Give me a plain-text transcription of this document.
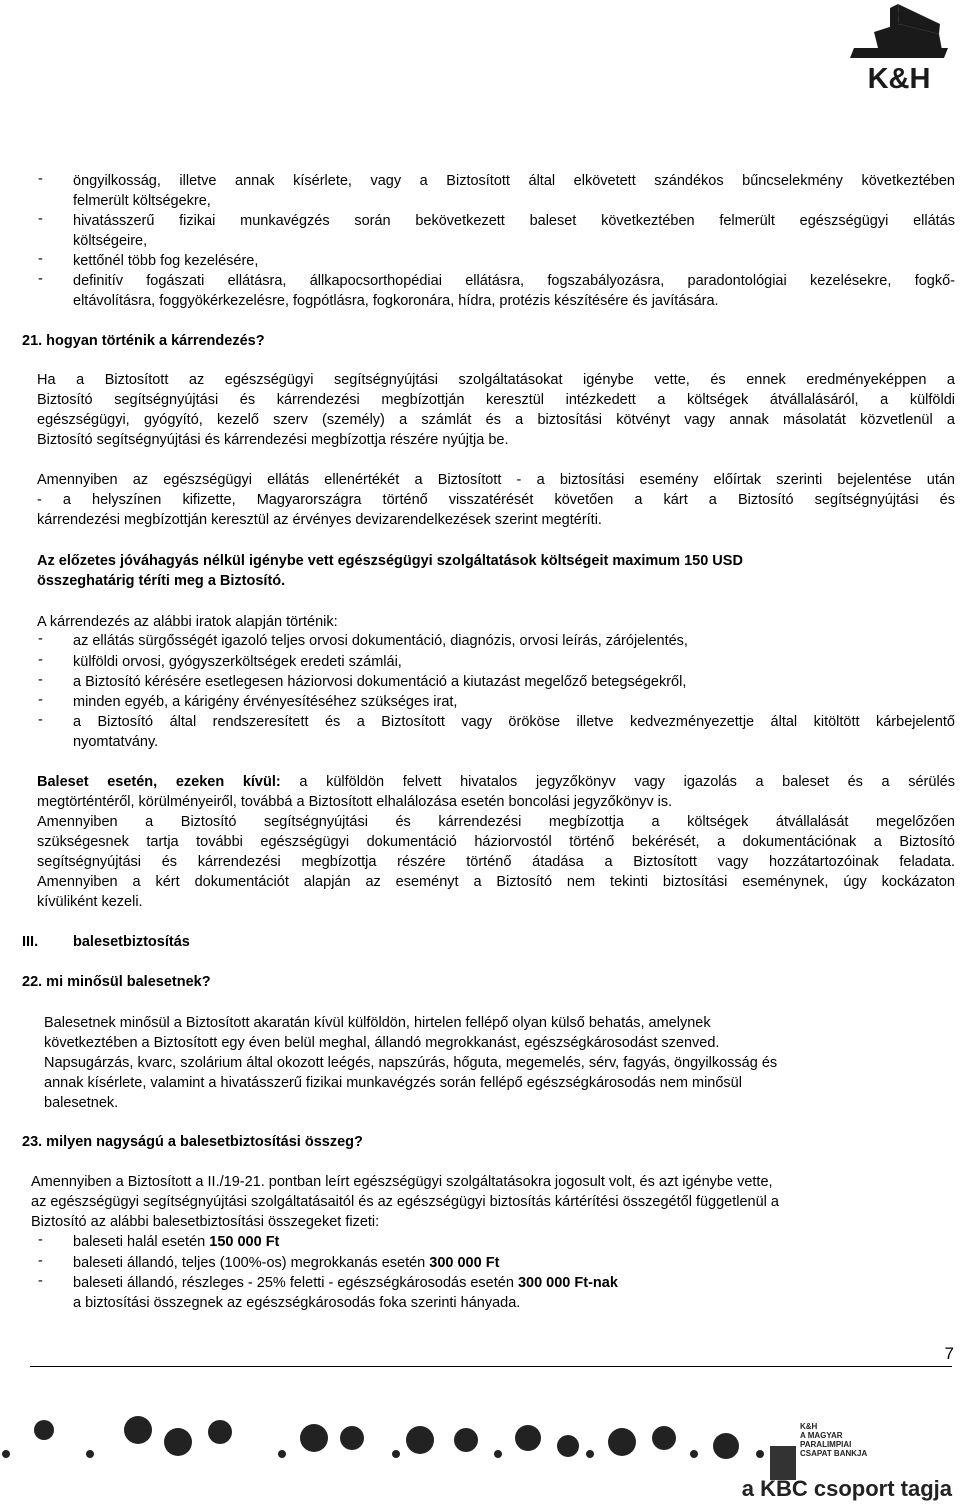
K&H
- öngyilkosság, illetve annak kísérlete, vagy a Biztosított által elkövetett szándékos bűncselekmény következtében
felmerült költségekre,
- hivatásszerű fizikai munkavégzés során bekövetkezett baleset következtében felmerült egészségügyi ellátás
költségeire,
- kettőnél több fog kezelésére,
- definitív fogászati ellátásra, állkapocsorthopédiai ellátásra, fogszabályozásra, paradontológiai kezelésekre, fogkő-
eltávolításra, foggyökérkezelésre, fogpótlásra, fogkoronára, hídra, protézis készítésére és javítására.
21. hogyan történik a kárrendezés?
Ha a Biztosított az egészségügyi segítségnyújtási szolgáltatásokat igénybe vette, és ennek eredményeképpen a
Biztosító segítségnyújtási és kárrendezési megbízottján keresztül intézkedett a költségek átvállalásáról, a külföldi
egészségügyi, gyógyító, kezelő szerv (személy) a számlát és a biztosítási kötvényt vagy annak másolatát közvetlenül a
Biztosító segítségnyújtási és kárrendezési megbízottja részére nyújtja be.
Amennyiben az egészségügyi ellátás ellenértékét a Biztosított - a biztosítási esemény előírtak szerinti bejelentése után
- a helyszínen kifizette, Magyarországra történő visszatérését követően a kárt a Biztosító segítségnyújtási és
kárrendezési megbízottján keresztül az érvényes devizarendelkezések szerint megtéríti.
Az előzetes jóváhagyás nélkül igénybe vett egészségügyi szolgáltatások költségeit maximum 150 USD
összeghatárig téríti meg a Biztosító.
A kárrendezés az alábbi iratok alapján történik:
- az ellátás sürgősségét igazoló teljes orvosi dokumentáció, diagnózis, orvosi leírás, zárójelentés,
- külföldi orvosi, gyógyszerköltségek eredeti számlái,
- a Biztosító kérésére esetlegesen háziorvosi dokumentáció a kiutazást megelőző betegségekről,
- minden egyéb, a kárigény érvényesítéséhez szükséges irat,
- a Biztosító által rendszeresített és a Biztosított vagy örököse illetve kedvezményezettje által kitöltött kárbejelentő
nyomtatvány.
Baleset esetén, ezeken kívül: a külföldön felvett hivatalos jegyzőkönyv vagy igazolás a baleset és a sérülés
megtörténtéről, körülményeiről, továbbá a Biztosított elhalálozása esetén boncolási jegyzőkönyv is.
Amennyiben a Biztosító segítségnyújtási és kárrendezési megbízottja a költségek átvállalását megelőzően
szükségesnek tartja további egészségügyi dokumentáció háziorvostól történő bekérését, a dokumentációnak a Biztosító
segítségnyújtási és kárrendezési megbízottja részére történő átadása a Biztosított vagy hozzátartozóinak feladata.
Amennyiben a kért dokumentációt alapján az eseményt a Biztosító nem tekinti biztosítási eseménynek, úgy kockázaton
kívüliként kezeli.
III. balesetbiztosítás
22. mi minősül balesetnek?
Balesetnek minősül a Biztosított akaratán kívül külföldön, hirtelen fellépő olyan külső behatás, amelynek
következtében a Biztosított egy éven belül meghal, állandó megrokkanást, egészségkárosodást szenved.
Napsugárzás, kvarc, szolárium által okozott leégés, napszúrás, hőguta, megemelés, sérv, fagyás, öngyilkosság és
annak kísérlete, valamint a hivatásszerű fizikai munkavégzés során fellépő egészségkárosodás nem minősül
balesetnek.
23. milyen nagyságú a balesetbiztosítási összeg?
Amennyiben a Biztosított a II./19-21. pontban leírt egészségügyi szolgáltatásokra jogosult volt, és azt igénybe vette,
az egészségügyi segítségnyújtási szolgáltatásaitól és az egészségügyi biztosítás kártérítési összegétől függetlenül a
Biztosító az alábbi balesetbiztosítási összegeket fizeti:
- baleseti halál esetén 150 000 Ft
- baleseti állandó, teljes (100%-os) megrokkanás esetén 300 000 Ft
- baleseti állandó, részleges - 25% feletti - egészségkárosodás esetén 300 000 Ft-nak
a biztosítási összegnek az egészségkárosodás foka szerinti hányada.
7
K&H
A MAGYAR
PARALIMPIAI
CSAPAT BANKJA
a KBC csoport tagja
